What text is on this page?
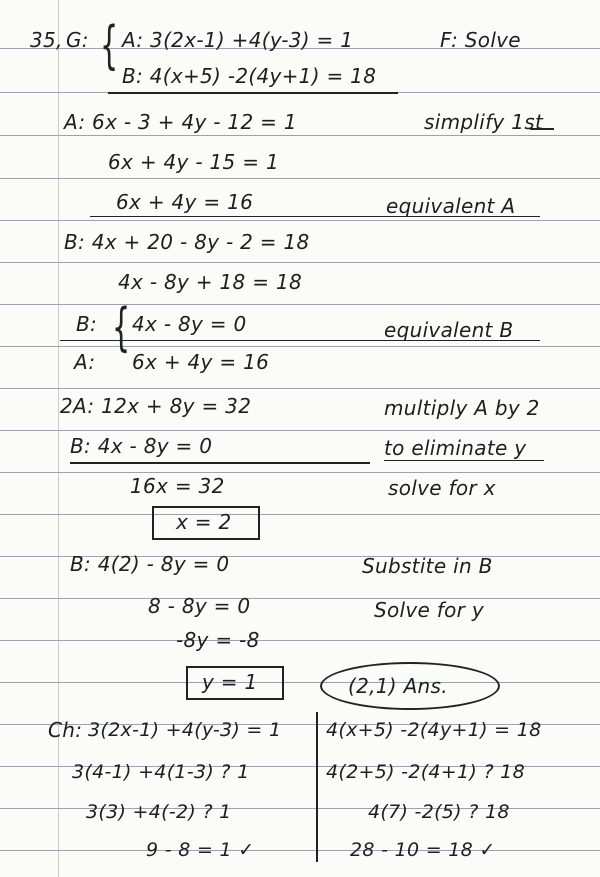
35, G: { A: 3(2x-1) +4(y-3) = 1
B: 4(x+5) -2(4y+1) = 18
F: Solve
A: 6x - 3 + 4y - 12 = 1	simplify 1st
6x + 4y - 15 = 1
6x + 4y = 16	equivalent A
B: 4x + 20 - 8y - 2 = 18
4x - 8y + 18 = 18
B:
A:
{ 4x - 8y = 0
6x + 4y = 16
equivalent B
2A: 12x + 8y = 32
B: 4x - 8y = 0
16x = 32
x = 2
multiply A by 2
to eliminate y
solve for x
B: 4(2) - 8y = 0
8 - 8y = 0
-8y = -8
y = 1
Substite in B
Solve for y
(2,1) Ans.
Ch: 3(2x-1) +4(y-3) = 1
3(4-1) +4(1-3) ? 1
3(3) +4(-2) ? 1
9 - 8 = 1 ✓
4(x+5) -2(4y+1) = 18
4(2+5) -2(4+1) ? 18
4(7) -2(5) ? 18
28 - 10 = 18 ✓
